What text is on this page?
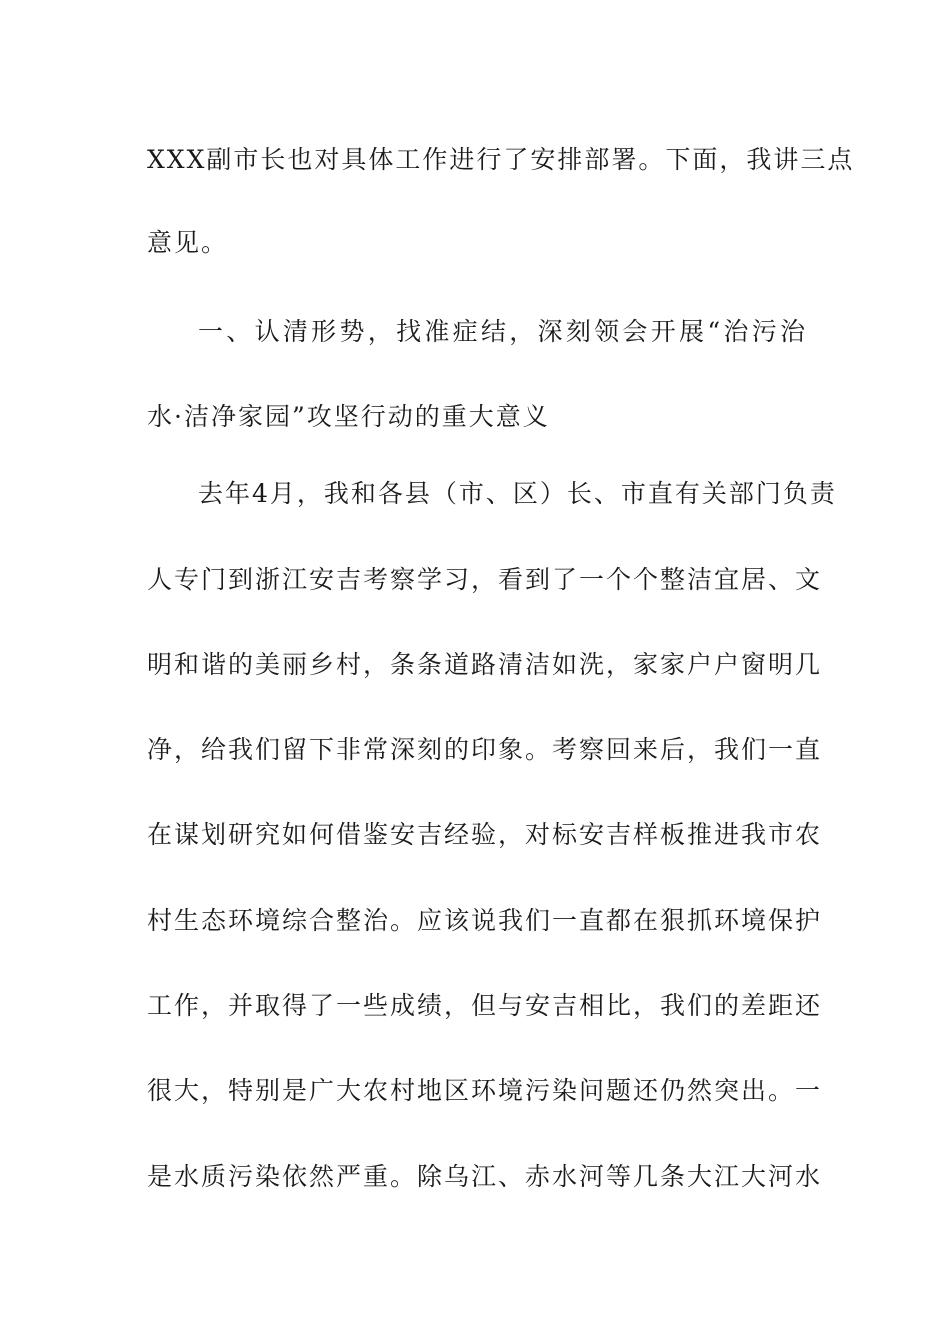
XXX副市长也对具体工作进行了安排部署。下面，我讲三点
意见。
一、认清形势，找准症结，深刻领会开展“治污治
水·洁净家园”攻坚行动的重大意义
去年4月，我和各县（市、区）长、市直有关部门负责
人专门到浙江安吉考察学习，看到了一个个整洁宜居、文
明和谐的美丽乡村，条条道路清洁如洗，家家户户窗明几
净，给我们留下非常深刻的印象。考察回来后，我们一直
在谋划研究如何借鉴安吉经验，对标安吉样板推进我市农
村生态环境综合整治。应该说我们一直都在狠抓环境保护
工作，并取得了一些成绩，但与安吉相比，我们的差距还
很大，特别是广大农村地区环境污染问题还仍然突出。一
是水质污染依然严重。除乌江、赤水河等几条大江大河水
